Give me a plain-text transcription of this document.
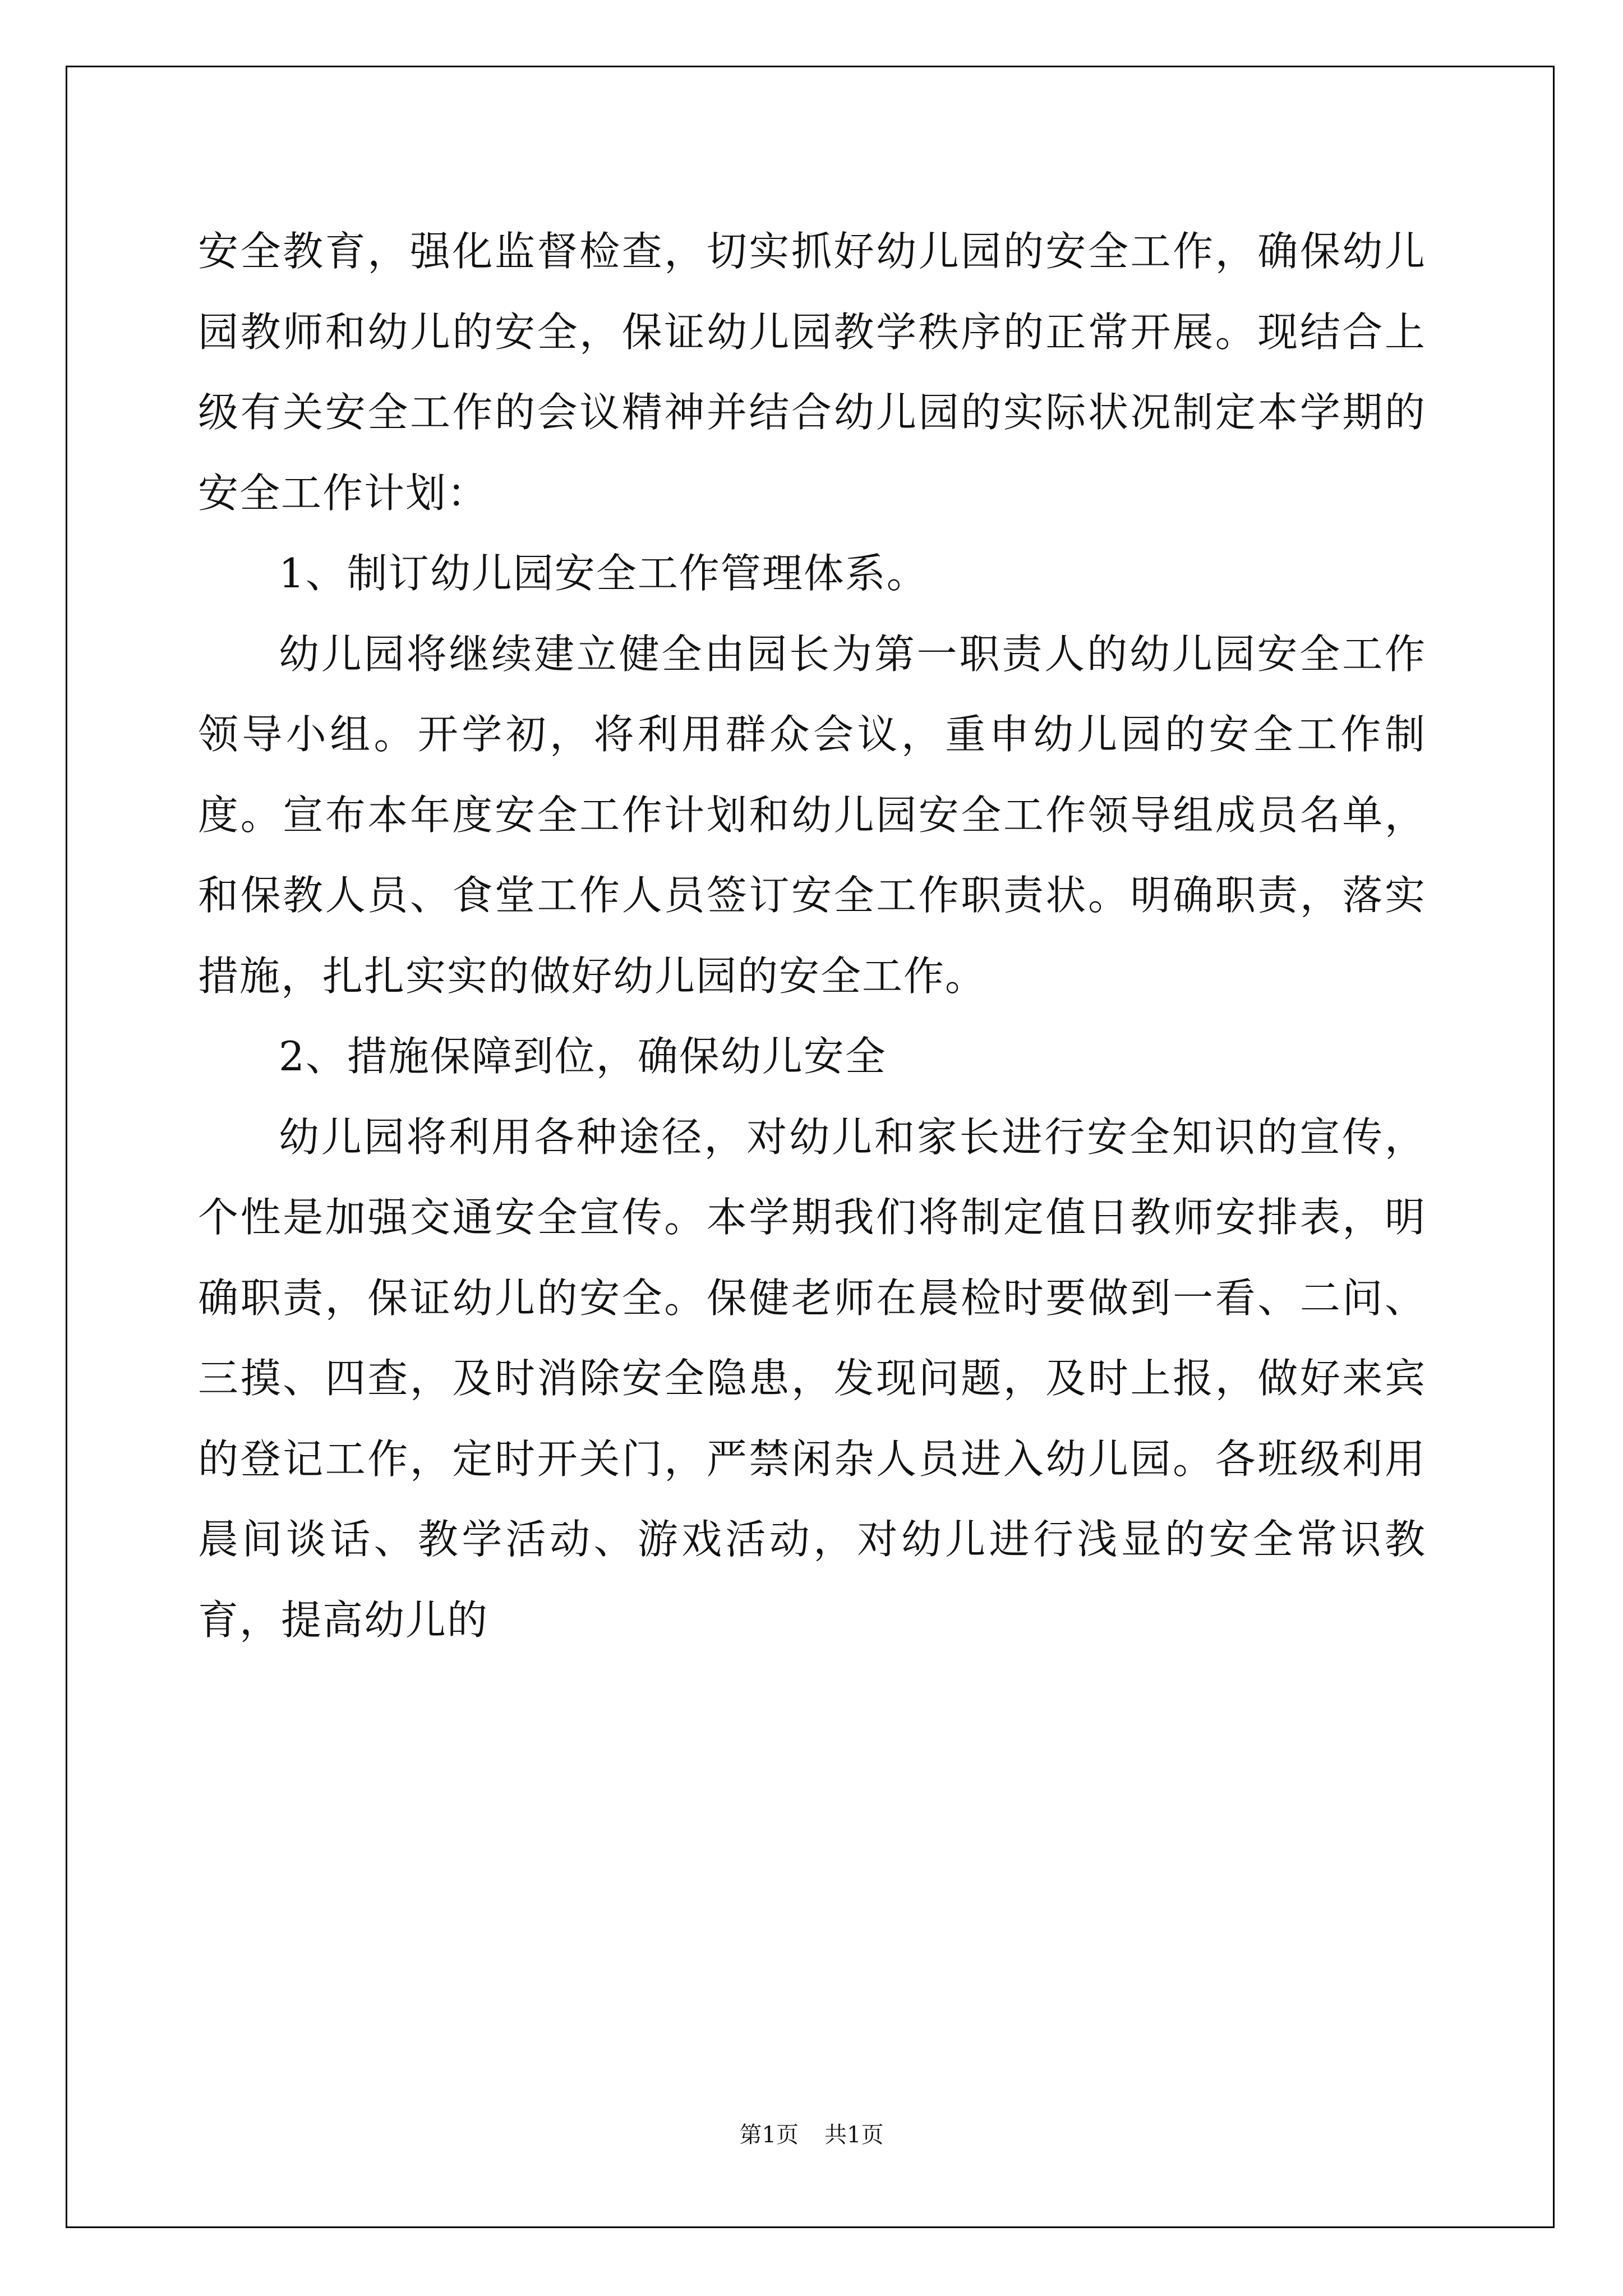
安全教育，强化监督检查，切实抓好幼儿园的安全工作，确保幼儿园教师和幼儿的安全，保证幼儿园教学秩序的正常开展。现结合上级有关安全工作的会议精神并结合幼儿园的实际状况制定本学期的安全工作计划：

1、制订幼儿园安全工作管理体系。

幼儿园将继续建立健全由园长为第一职责人的幼儿园安全工作领导小组。开学初，将利用群众会议，重申幼儿园的安全工作制度。宣布本年度安全工作计划和幼儿园安全工作领导组成员名单，和保教人员、食堂工作人员签订安全工作职责状。明确职责，落实措施，扎扎实实的做好幼儿园的安全工作。

2、措施保障到位，确保幼儿安全

幼儿园将利用各种途径，对幼儿和家长进行安全知识的宣传，个性是加强交通安全宣传。本学期我们将制定值日教师安排表，明确职责，保证幼儿的安全。保健老师在晨检时要做到一看、二问、三摸、四查，及时消除安全隐患，发现问题，及时上报，做好来宾的登记工作，定时开关门，严禁闲杂人员进入幼儿园。各班级利用晨间谈话、教学活动、游戏活动，对幼儿进行浅显的安全常识教育，提高幼儿的

第1页 共1页
